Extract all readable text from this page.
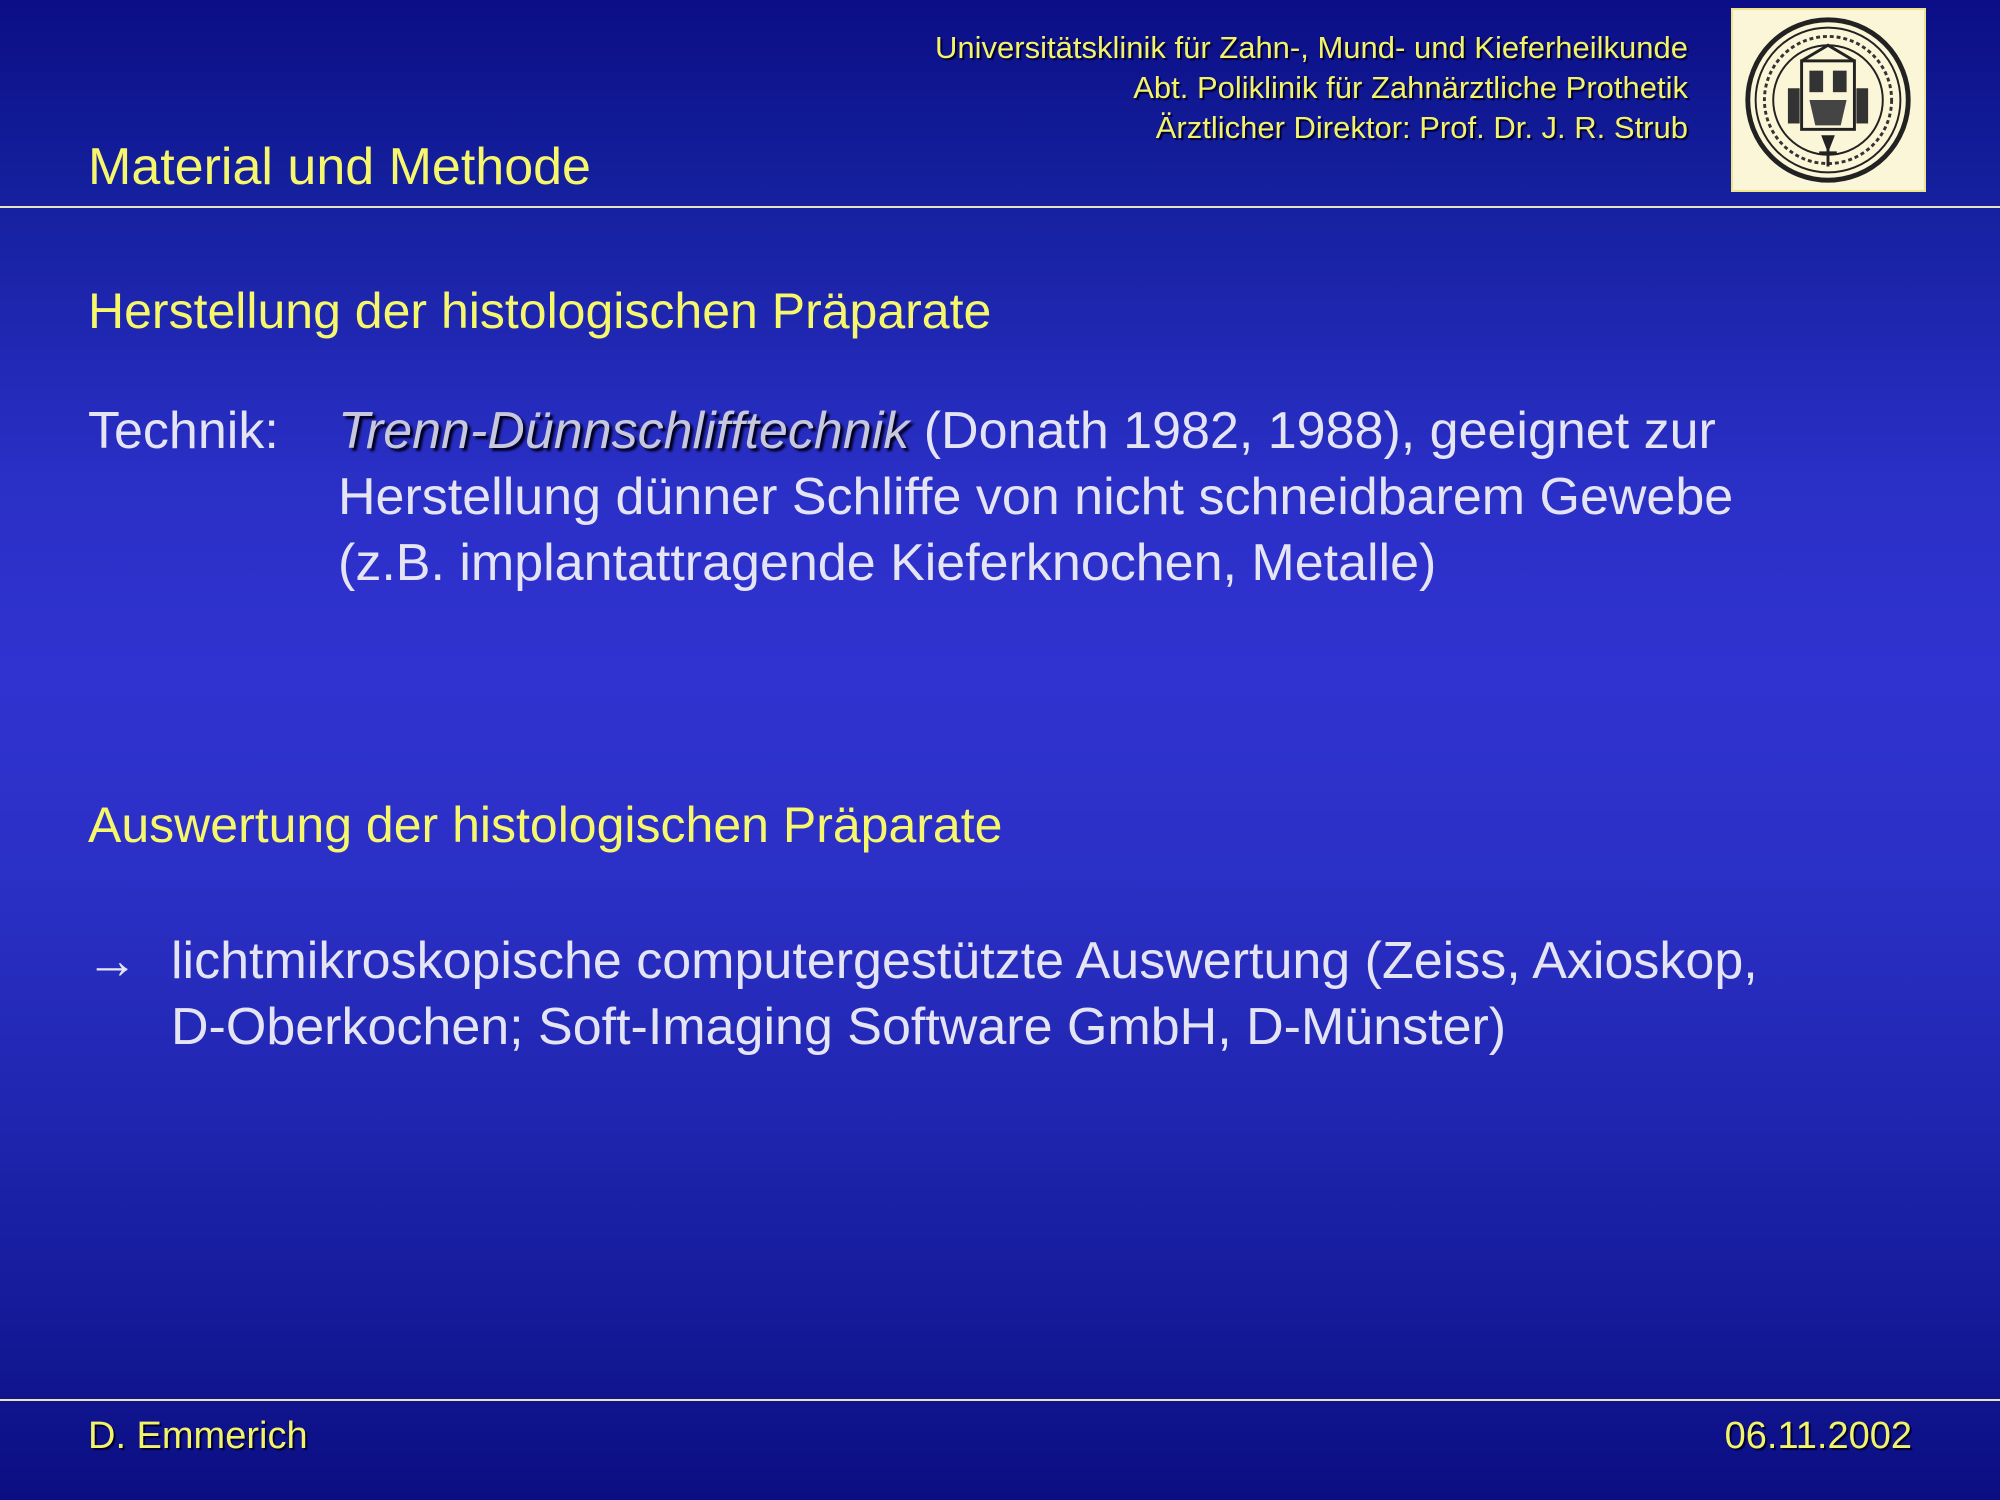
Universitätsklinik für Zahn-, Mund- und Kieferheilkunde
Abt. Poliklinik für Zahnärztliche Prothetik
Ärztlicher Direktor: Prof. Dr. J. R. Strub
Material und Methode
Herstellung der histologischen Präparate
Technik: Trenn-Dünnschlifftechnik (Donath 1982, 1988), geeignet zur
Herstellung dünner Schliffe von nicht schneidbarem Gewebe
(z.B. implantattragende Kieferknochen, Metalle)
Auswertung der histologischen Präparate
→ lichtmikroskopische computergestützte Auswertung (Zeiss, Axioskop,
D-Oberkochen; Soft-Imaging Software GmbH, D-Münster)
D. Emmerich	06.11.2002
